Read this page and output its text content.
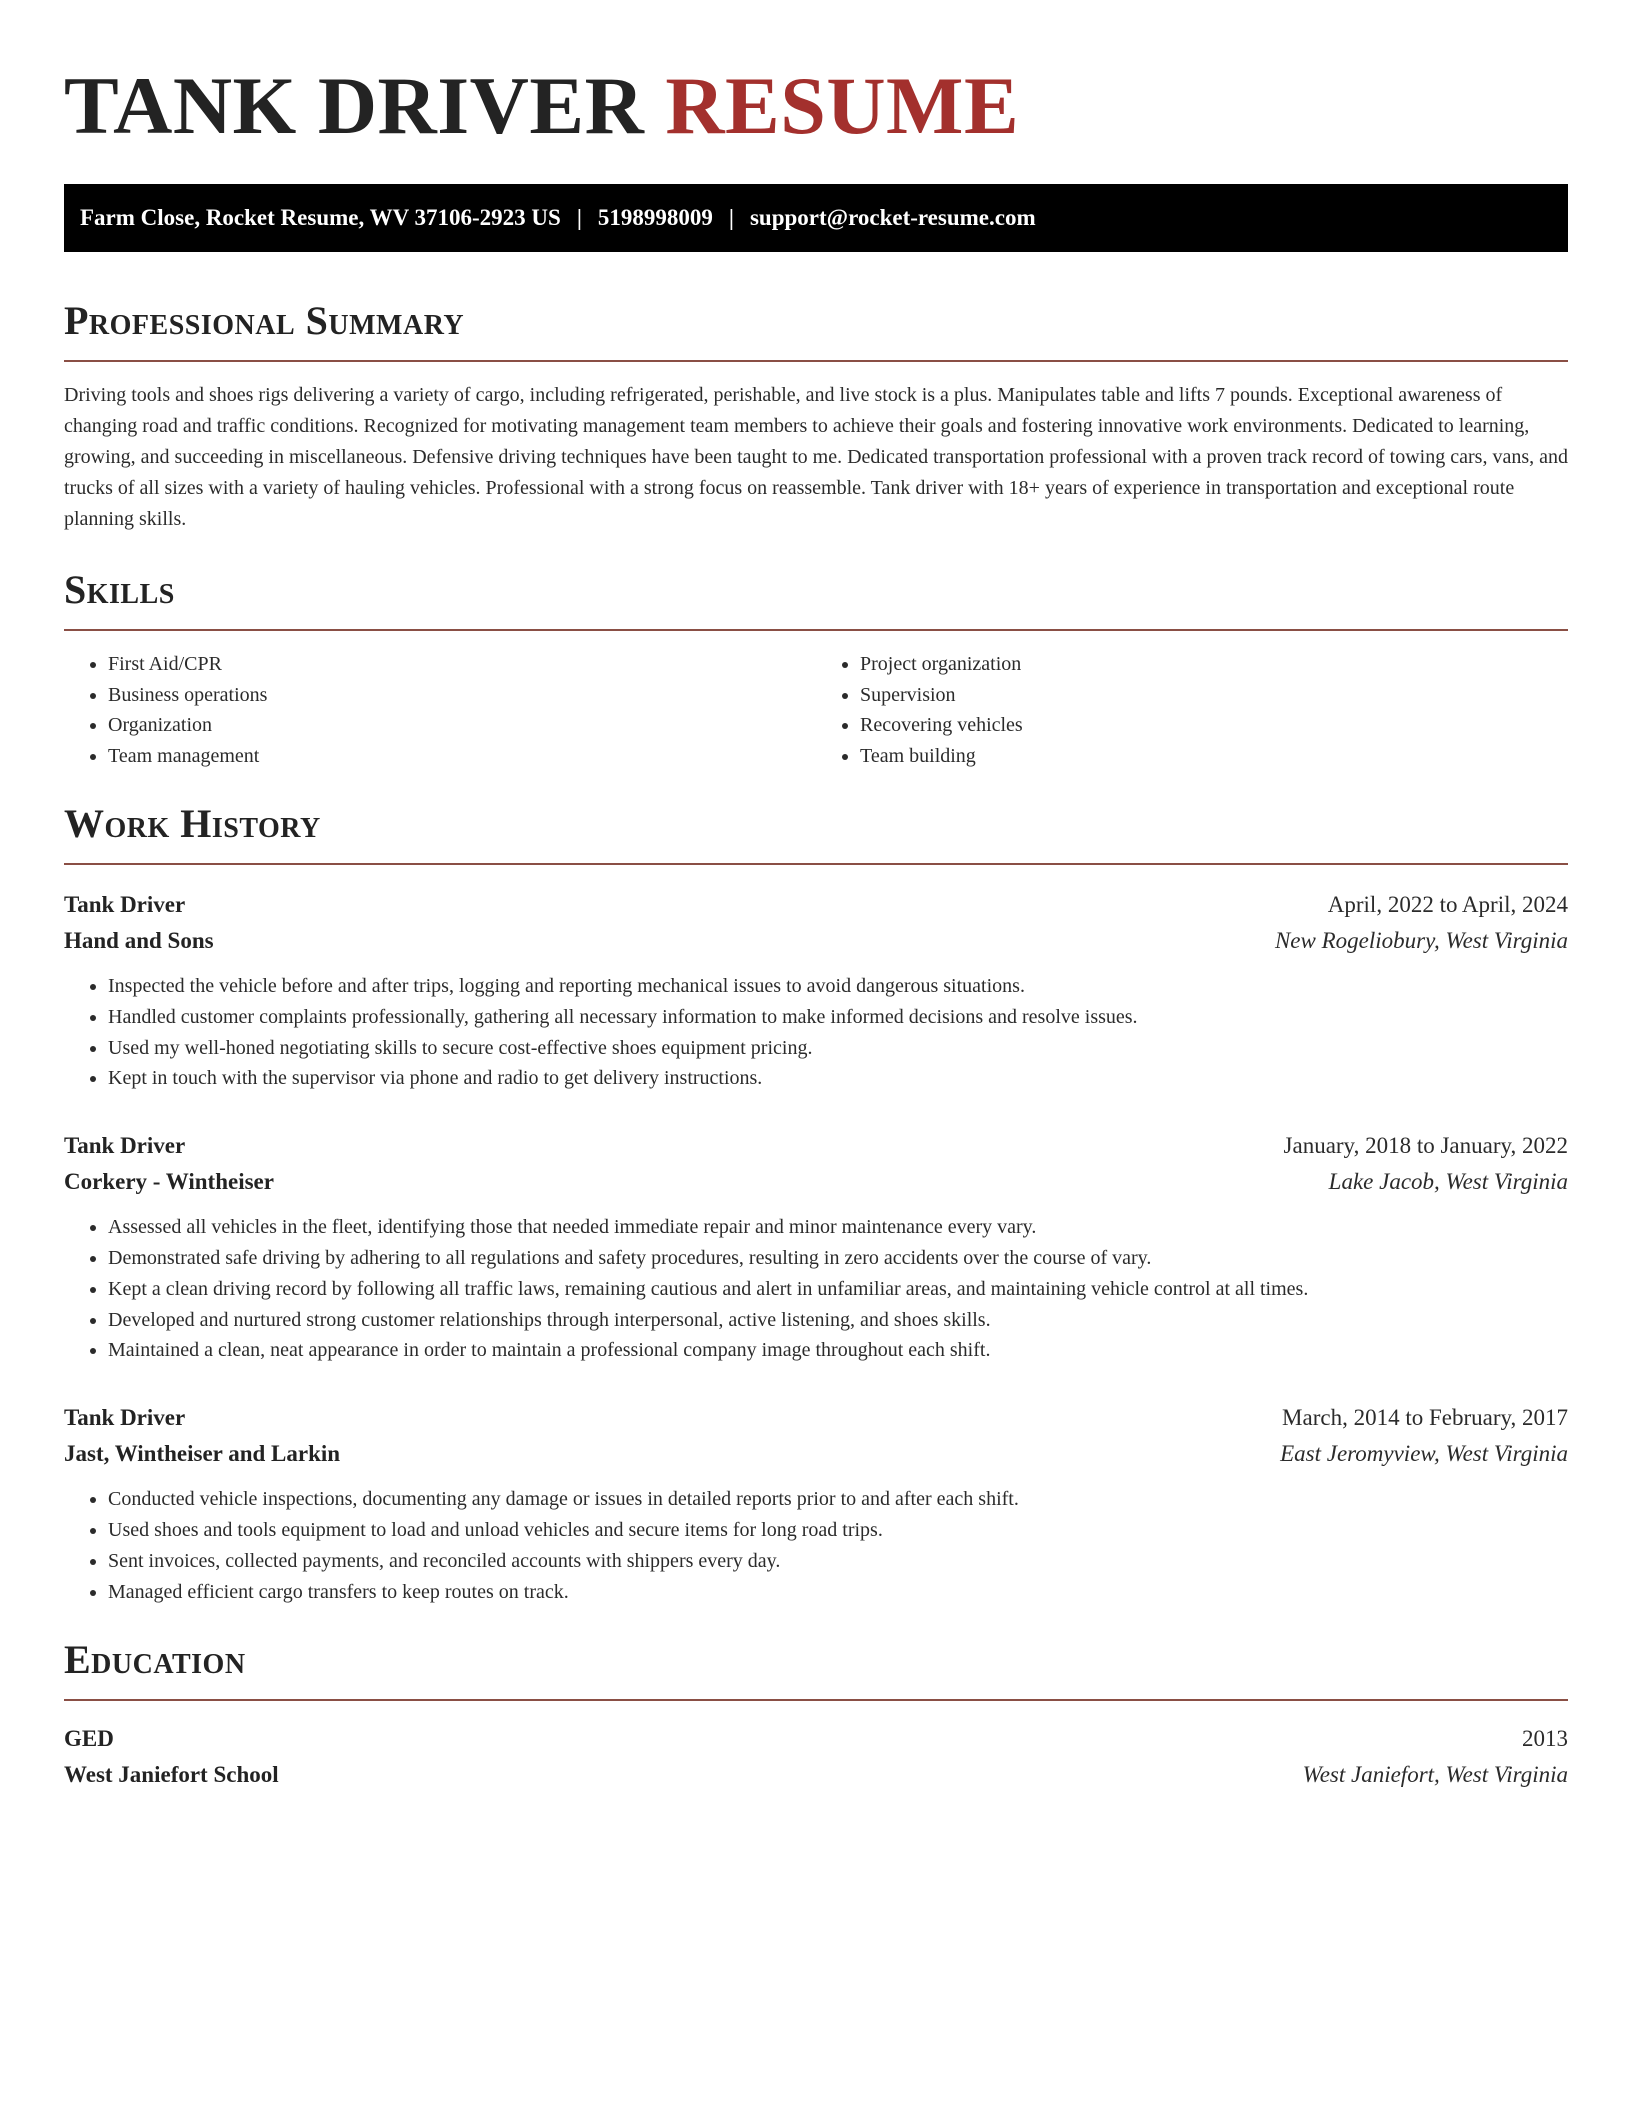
TANK DRIVER RESUME
Farm Close, Rocket Resume, WV 37106-2923 US | 5198998009 | support@rocket-resume.com
Professional Summary

Driving tools and shoes rigs delivering a variety of cargo, including refrigerated, perishable, and live stock is a plus. Manipulates table and lifts 7 pounds. Exceptional awareness of changing road and traffic conditions. Recognized for motivating management team members to achieve their goals and fostering innovative work environments. Dedicated to learning, growing, and succeeding in miscellaneous. Defensive driving techniques have been taught to me. Dedicated transportation professional with a proven track record of towing cars, vans, and trucks of all sizes with a variety of hauling vehicles. Professional with a strong focus on reassemble. Tank driver with 18+ years of experience in transportation and exceptional route planning skills.

Skills
• First Aid/CPR
• Business operations
• Organization
• Team management
• Project organization
• Supervision
• Recovering vehicles
• Team building
Work History
Tank Driver	April, 2022 to April, 2024
Hand and Sons	New Rogeliobury, West Virginia
• Inspected the vehicle before and after trips, logging and reporting mechanical issues to avoid dangerous situations.
• Handled customer complaints professionally, gathering all necessary information to make informed decisions and resolve issues.
• Used my well-honed negotiating skills to secure cost-effective shoes equipment pricing.
• Kept in touch with the supervisor via phone and radio to get delivery instructions.
Tank Driver	January, 2018 to January, 2022
Corkery - Wintheiser	Lake Jacob, West Virginia
• Assessed all vehicles in the fleet, identifying those that needed immediate repair and minor maintenance every vary.
• Demonstrated safe driving by adhering to all regulations and safety procedures, resulting in zero accidents over the course of vary.
• Kept a clean driving record by following all traffic laws, remaining cautious and alert in unfamiliar areas, and maintaining vehicle control at all times.
• Developed and nurtured strong customer relationships through interpersonal, active listening, and shoes skills.
• Maintained a clean, neat appearance in order to maintain a professional company image throughout each shift.
Tank Driver	March, 2014 to February, 2017
Jast, Wintheiser and Larkin	East Jeromyview, West Virginia
• Conducted vehicle inspections, documenting any damage or issues in detailed reports prior to and after each shift.
• Used shoes and tools equipment to load and unload vehicles and secure items for long road trips.
• Sent invoices, collected payments, and reconciled accounts with shippers every day.
• Managed efficient cargo transfers to keep routes on track.
Education
GED	2013
West Janiefort School	West Janiefort, West Virginia
